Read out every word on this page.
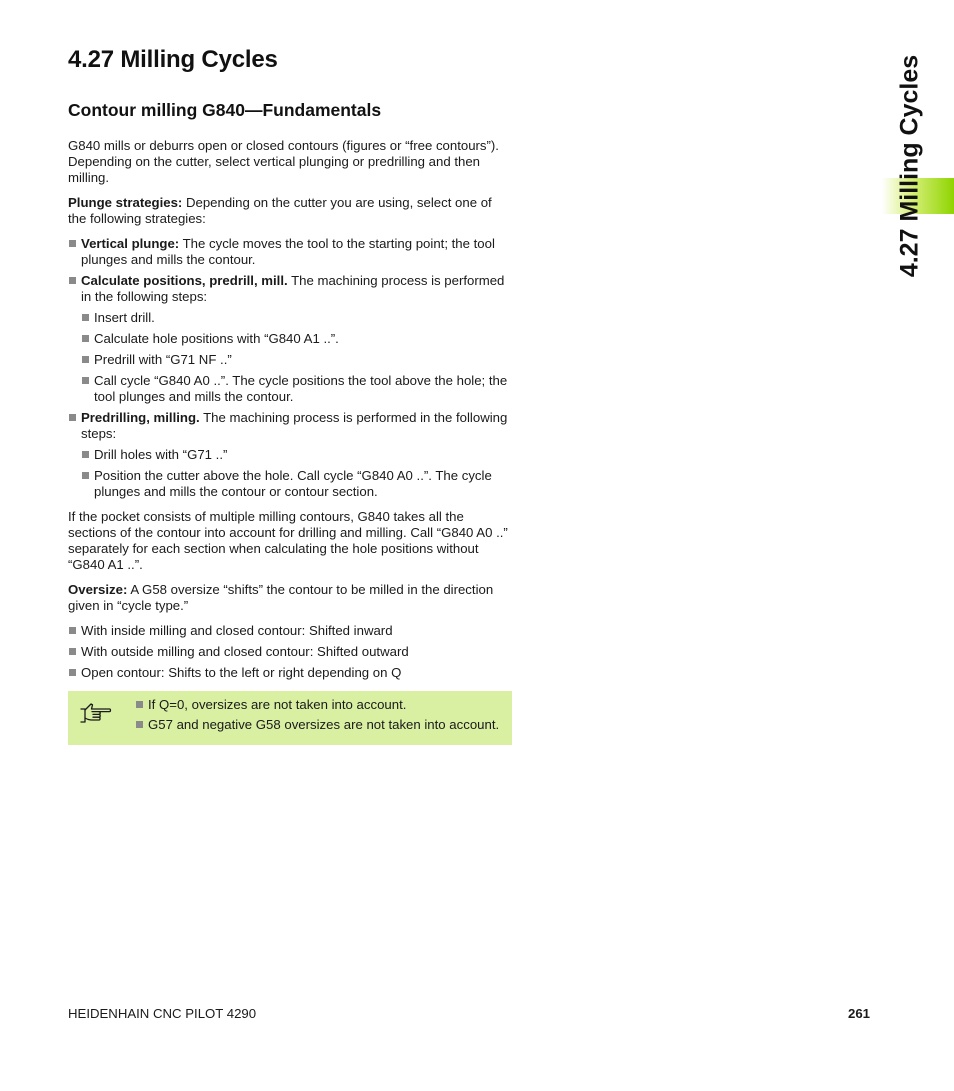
4.27 Milling Cycles
Contour milling G840—Fundamentals

G840 mills or deburrs open or closed contours (figures or “free contours”). Depending on the cutter, select vertical plunging or predrilling and then milling.

Plunge strategies: Depending on the cutter you are using, select one of the following strategies:

Vertical plunge: The cycle moves the tool to the starting point; the tool plunges and mills the contour.
Calculate positions, predrill, mill. The machining process is performed in the following steps:
Insert drill.
Calculate hole positions with “G840 A1 ..”.
Predrill with “G71 NF ..”
Call cycle “G840 A0 ..”. The cycle positions the tool above the hole; the tool plunges and mills the contour.
Predrilling, milling. The machining process is performed in the following steps:
Drill holes with “G71 ..”
Position the cutter above the hole. Call cycle “G840 A0 ..”. The cycle plunges and mills the contour or contour section.

If the pocket consists of multiple milling contours, G840 takes all the sections of the contour into account for drilling and milling. Call “G840 A0 ..” separately for each section when calculating the hole positions without “G840 A1 ..”.

Oversize: A G58 oversize “shifts” the contour to be milled in the direction given in “cycle type.”

With inside milling and closed contour: Shifted inward
With outside milling and closed contour: Shifted outward
Open contour: Shifts to the left or right depending on Q
If Q=0, oversizes are not taken into account.
G57 and negative G58 oversizes are not taken into account.
4.27 Milling Cycles
HEIDENHAIN CNC PILOT 4290	261
